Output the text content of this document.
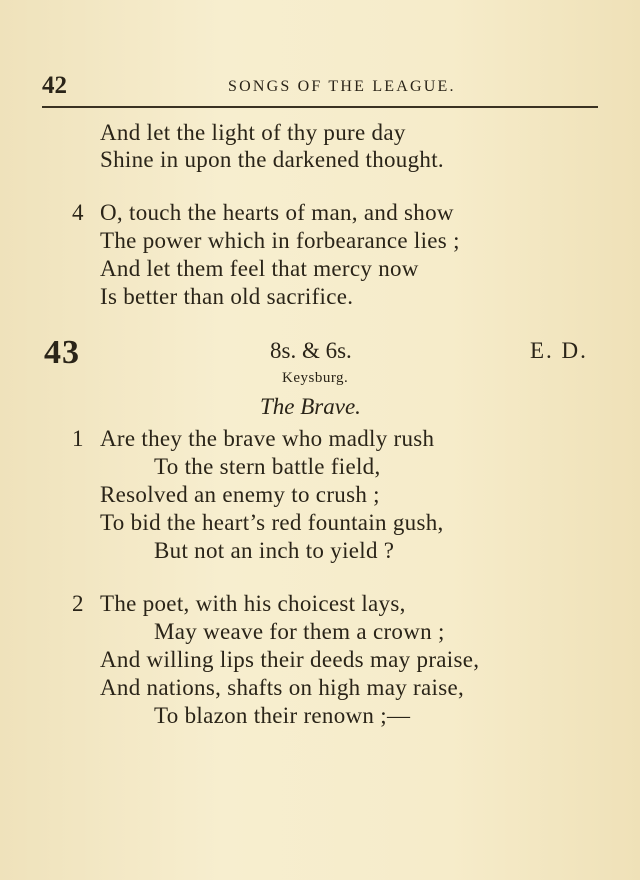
42	SONGS OF THE LEAGUE.
And let the light of thy pure day
Shine in upon the darkened thought.
4 O, touch the hearts of man, and show
The power which in forbearance lies ;
And let them feel that mercy now
Is better than old sacrifice.
43	8s. & 6s.	E. D.
Keysburg.
The Brave.
1 Are they the brave who madly rush
To the stern battle field,
Resolved an enemy to crush ;
To bid the heart’s red fountain gush,
But not an inch to yield ?
2 The poet, with his choicest lays,
May weave for them a crown ;
And willing lips their deeds may praise,
And nations, shafts on high may raise,
To blazon their renown ;—
